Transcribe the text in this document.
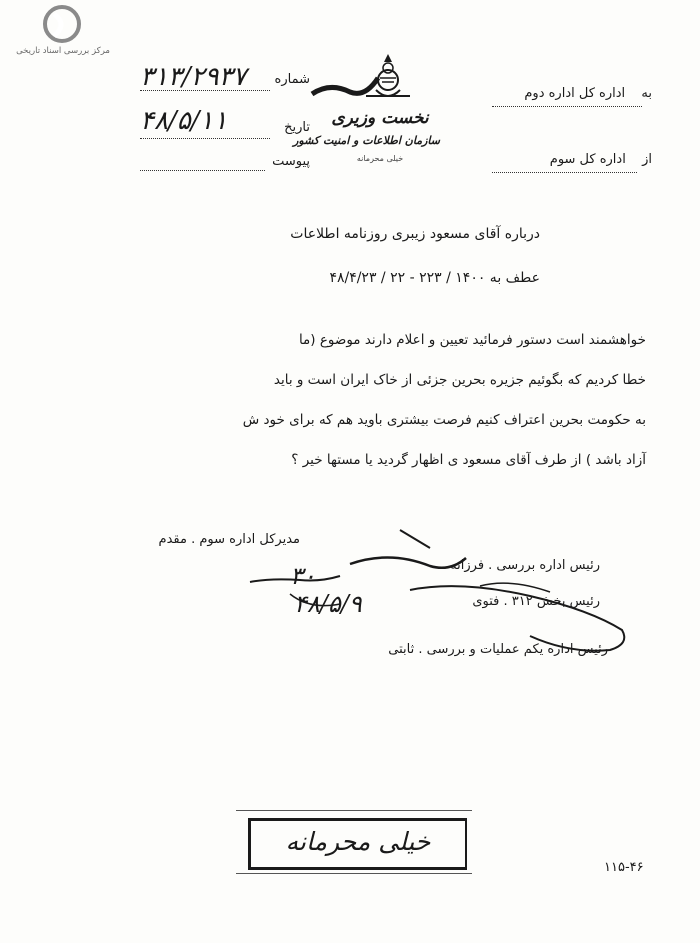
مرکز بررسی اسناد تاریخی
نخست وزیری
سازمان اطلاعات و امنیت کشور
خیلی محرمانه
به  اداره کل اداره دوم
از  اداره کل سوم
۳۱۳/۲۹۳۷ شماره
۴۸/۵/۱۱	تاریخ
پیوست
درباره آقای مسعود زیبری روزنامه اطلاعات
عطف به ۱۴۰۰ / ۲۲۳ - ۲۲ / ۴۸/۴/۲۳
خواهشمند است دستور فرمائید تعیین و اعلام دارند موضوع (ما
خطا کردیم که بگوئیم جزیره بحرین جزئی از خاک ایران است و باید
به حکومت بحرین اعتراف کنیم فرصت بیشتری باوید هم که برای خود ش
آزاد باشد ) از طرف آقای مسعود ی اظهار گردید یا مستها خیر ؟
مدیرکل اداره سوم . مقدم
رئیس اداره بررسی . فرزانه
رئیس بخش ۳۱۲ . فتوی
رئیس اداره یکم عملیات و بررسی . ثابتی
۳۰
۴۸/۵/۹
خیلی محرمانه
۱۱۵-۴۶
